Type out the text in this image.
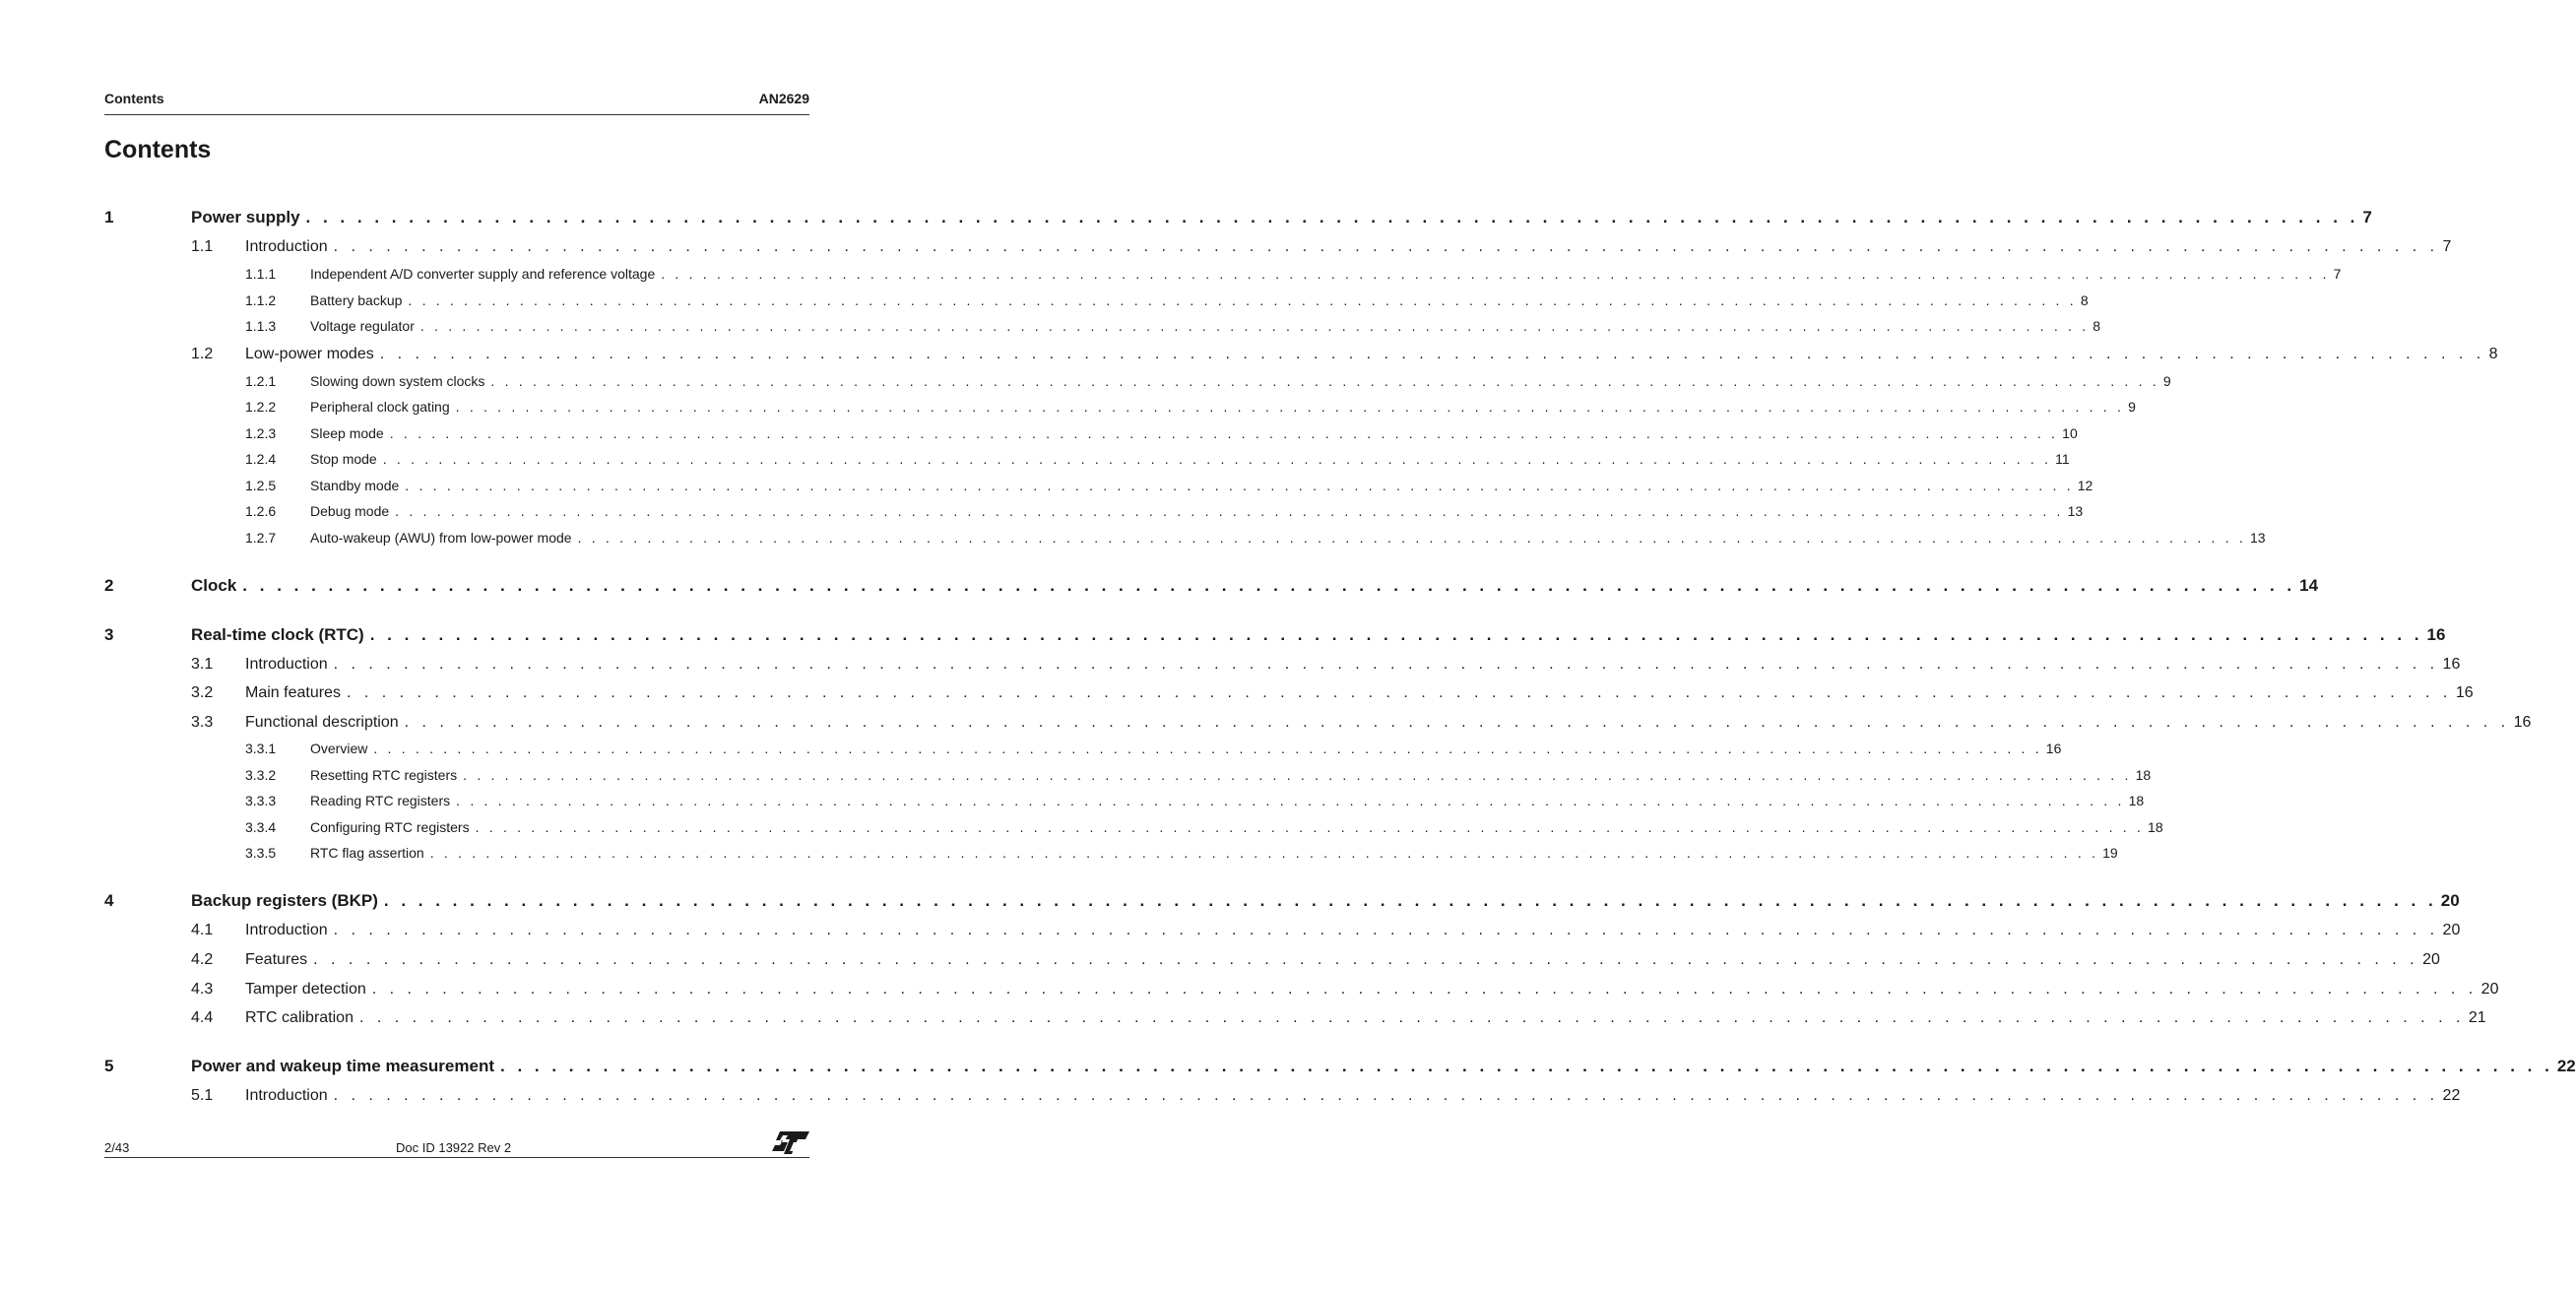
Contents	AN2629
Contents
1	Power supply . . . . . . . . . . . . . . . . . . . . . . . . . . . . . . . . . . . . . . . . . . . . . . . . . . . . . . . . . . . . . . . . . . . . . . . . . . . . . . . . . . . . . . . . . . . . . . . . . . . . . . . . . . . . . . . . . . . . . . . . 7
1.1 Introduction . . . . . . . . . . . . . . . . . . . . . . . . . . . . . . . . . . . . . . . . . . . . . . . . . . . . . . . . . . . . . . . . . . . . . . . . . . . . . . . . . . . . . . . . . . . . . . . . . . . . . . . . . . . . . . . . . . . . . . . . 7
1.1.1 Independent A/D converter supply and reference voltage . . . . . . . . . . . . . . . . . . . . . . . . . . . . . . . . . . . . . . . . . . . . . . . . . . . . . . . . . . . . . . . . . . . . . . . . . . . . . . . . . . . . . . . . . . . . . . . . . . . . . . . . . . . . . . . . . . . . . . . . 7
1.1.2 Battery backup . . . . . . . . . . . . . . . . . . . . . . . . . . . . . . . . . . . . . . . . . . . . . . . . . . . . . . . . . . . . . . . . . . . . . . . . . . . . . . . . . . . . . . . . . . . . . . . . . . . . . . . . . . . . . . . . . . . . . . . . 8
1.1.3 Voltage regulator . . . . . . . . . . . . . . . . . . . . . . . . . . . . . . . . . . . . . . . . . . . . . . . . . . . . . . . . . . . . . . . . . . . . . . . . . . . . . . . . . . . . . . . . . . . . . . . . . . . . . . . . . . . . . . . . . . . . . . . . 8
1.2 Low-power modes . . . . . . . . . . . . . . . . . . . . . . . . . . . . . . . . . . . . . . . . . . . . . . . . . . . . . . . . . . . . . . . . . . . . . . . . . . . . . . . . . . . . . . . . . . . . . . . . . . . . . . . . . . . . . . . . . . . . . . . . 8
1.2.1 Slowing down system clocks . . . . . . . . . . . . . . . . . . . . . . . . . . . . . . . . . . . . . . . . . . . . . . . . . . . . . . . . . . . . . . . . . . . . . . . . . . . . . . . . . . . . . . . . . . . . . . . . . . . . . . . . . . . . . . . . . . . . . . . . 9
1.2.2 Peripheral clock gating . . . . . . . . . . . . . . . . . . . . . . . . . . . . . . . . . . . . . . . . . . . . . . . . . . . . . . . . . . . . . . . . . . . . . . . . . . . . . . . . . . . . . . . . . . . . . . . . . . . . . . . . . . . . . . . . . . . . . . . . 9
1.2.3 Sleep mode . . . . . . . . . . . . . . . . . . . . . . . . . . . . . . . . . . . . . . . . . . . . . . . . . . . . . . . . . . . . . . . . . . . . . . . . . . . . . . . . . . . . . . . . . . . . . . . . . . . . . . . . . . . . . . . . . . . . . . . . 10
1.2.4 Stop mode . . . . . . . . . . . . . . . . . . . . . . . . . . . . . . . . . . . . . . . . . . . . . . . . . . . . . . . . . . . . . . . . . . . . . . . . . . . . . . . . . . . . . . . . . . . . . . . . . . . . . . . . . . . . . . . . . . . . . . . . 11
1.2.5 Standby mode . . . . . . . . . . . . . . . . . . . . . . . . . . . . . . . . . . . . . . . . . . . . . . . . . . . . . . . . . . . . . . . . . . . . . . . . . . . . . . . . . . . . . . . . . . . . . . . . . . . . . . . . . . . . . . . . . . . . . . . . 12
1.2.6 Debug mode . . . . . . . . . . . . . . . . . . . . . . . . . . . . . . . . . . . . . . . . . . . . . . . . . . . . . . . . . . . . . . . . . . . . . . . . . . . . . . . . . . . . . . . . . . . . . . . . . . . . . . . . . . . . . . . . . . . . . . . . 13
1.2.7 Auto-wakeup (AWU) from low-power mode . . . . . . . . . . . . . . . . . . . . . . . . . . . . . . . . . . . . . . . . . . . . . . . . . . . . . . . . . . . . . . . . . . . . . . . . . . . . . . . . . . . . . . . . . . . . . . . . . . . . . . . . . . . . . . . . . . . . . . . . 13
2	Clock . . . . . . . . . . . . . . . . . . . . . . . . . . . . . . . . . . . . . . . . . . . . . . . . . . . . . . . . . . . . . . . . . . . . . . . . . . . . . . . . . . . . . . . . . . . . . . . . . . . . . . . . . . . . . . . . . . . . . . . . 14
3	Real-time clock (RTC) . . . . . . . . . . . . . . . . . . . . . . . . . . . . . . . . . . . . . . . . . . . . . . . . . . . . . . . . . . . . . . . . . . . . . . . . . . . . . . . . . . . . . . . . . . . . . . . . . . . . . . . . . . . . . . . . . . . . . . . . 16
3.1 Introduction . . . . . . . . . . . . . . . . . . . . . . . . . . . . . . . . . . . . . . . . . . . . . . . . . . . . . . . . . . . . . . . . . . . . . . . . . . . . . . . . . . . . . . . . . . . . . . . . . . . . . . . . . . . . . . . . . . . . . . . . 16
3.2 Main features . . . . . . . . . . . . . . . . . . . . . . . . . . . . . . . . . . . . . . . . . . . . . . . . . . . . . . . . . . . . . . . . . . . . . . . . . . . . . . . . . . . . . . . . . . . . . . . . . . . . . . . . . . . . . . . . . . . . . . . . 16
3.3 Functional description . . . . . . . . . . . . . . . . . . . . . . . . . . . . . . . . . . . . . . . . . . . . . . . . . . . . . . . . . . . . . . . . . . . . . . . . . . . . . . . . . . . . . . . . . . . . . . . . . . . . . . . . . . . . . . . . . . . . . . . . 16
3.3.1 Overview . . . . . . . . . . . . . . . . . . . . . . . . . . . . . . . . . . . . . . . . . . . . . . . . . . . . . . . . . . . . . . . . . . . . . . . . . . . . . . . . . . . . . . . . . . . . . . . . . . . . . . . . . . . . . . . . . . . . . . . . 16
3.3.2 Resetting RTC registers . . . . . . . . . . . . . . . . . . . . . . . . . . . . . . . . . . . . . . . . . . . . . . . . . . . . . . . . . . . . . . . . . . . . . . . . . . . . . . . . . . . . . . . . . . . . . . . . . . . . . . . . . . . . . . . . . . . . . . . . 18
3.3.3 Reading RTC registers . . . . . . . . . . . . . . . . . . . . . . . . . . . . . . . . . . . . . . . . . . . . . . . . . . . . . . . . . . . . . . . . . . . . . . . . . . . . . . . . . . . . . . . . . . . . . . . . . . . . . . . . . . . . . . . . . . . . . . . . 18
3.3.4 Configuring RTC registers . . . . . . . . . . . . . . . . . . . . . . . . . . . . . . . . . . . . . . . . . . . . . . . . . . . . . . . . . . . . . . . . . . . . . . . . . . . . . . . . . . . . . . . . . . . . . . . . . . . . . . . . . . . . . . . . . . . . . . . . 18
3.3.5 RTC flag assertion . . . . . . . . . . . . . . . . . . . . . . . . . . . . . . . . . . . . . . . . . . . . . . . . . . . . . . . . . . . . . . . . . . . . . . . . . . . . . . . . . . . . . . . . . . . . . . . . . . . . . . . . . . . . . . . . . . . . . . . . 19
4	Backup registers (BKP) . . . . . . . . . . . . . . . . . . . . . . . . . . . . . . . . . . . . . . . . . . . . . . . . . . . . . . . . . . . . . . . . . . . . . . . . . . . . . . . . . . . . . . . . . . . . . . . . . . . . . . . . . . . . . . . . . . . . . . . . 20
4.1 Introduction . . . . . . . . . . . . . . . . . . . . . . . . . . . . . . . . . . . . . . . . . . . . . . . . . . . . . . . . . . . . . . . . . . . . . . . . . . . . . . . . . . . . . . . . . . . . . . . . . . . . . . . . . . . . . . . . . . . . . . . . 20
4.2 Features . . . . . . . . . . . . . . . . . . . . . . . . . . . . . . . . . . . . . . . . . . . . . . . . . . . . . . . . . . . . . . . . . . . . . . . . . . . . . . . . . . . . . . . . . . . . . . . . . . . . . . . . . . . . . . . . . . . . . . . . 20
4.3 Tamper detection . . . . . . . . . . . . . . . . . . . . . . . . . . . . . . . . . . . . . . . . . . . . . . . . . . . . . . . . . . . . . . . . . . . . . . . . . . . . . . . . . . . . . . . . . . . . . . . . . . . . . . . . . . . . . . . . . . . . . . . . 20
4.4 RTC calibration . . . . . . . . . . . . . . . . . . . . . . . . . . . . . . . . . . . . . . . . . . . . . . . . . . . . . . . . . . . . . . . . . . . . . . . . . . . . . . . . . . . . . . . . . . . . . . . . . . . . . . . . . . . . . . . . . . . . . . . . 21
5	Power and wakeup time measurement . . . . . . . . . . . . . . . . . . . . . . . . . . . . . . . . . . . . . . . . . . . . . . . . . . . . . . . . . . . . . . . . . . . . . . . . . . . . . . . . . . . . . . . . . . . . . . . . . . . . . . . . . . . . . . . . . . . . . . . . 22
5.1 Introduction . . . . . . . . . . . . . . . . . . . . . . . . . . . . . . . . . . . . . . . . . . . . . . . . . . . . . . . . . . . . . . . . . . . . . . . . . . . . . . . . . . . . . . . . . . . . . . . . . . . . . . . . . . . . . . . . . . . . . . . . 22
2/43	Doc ID 13922 Rev 2
